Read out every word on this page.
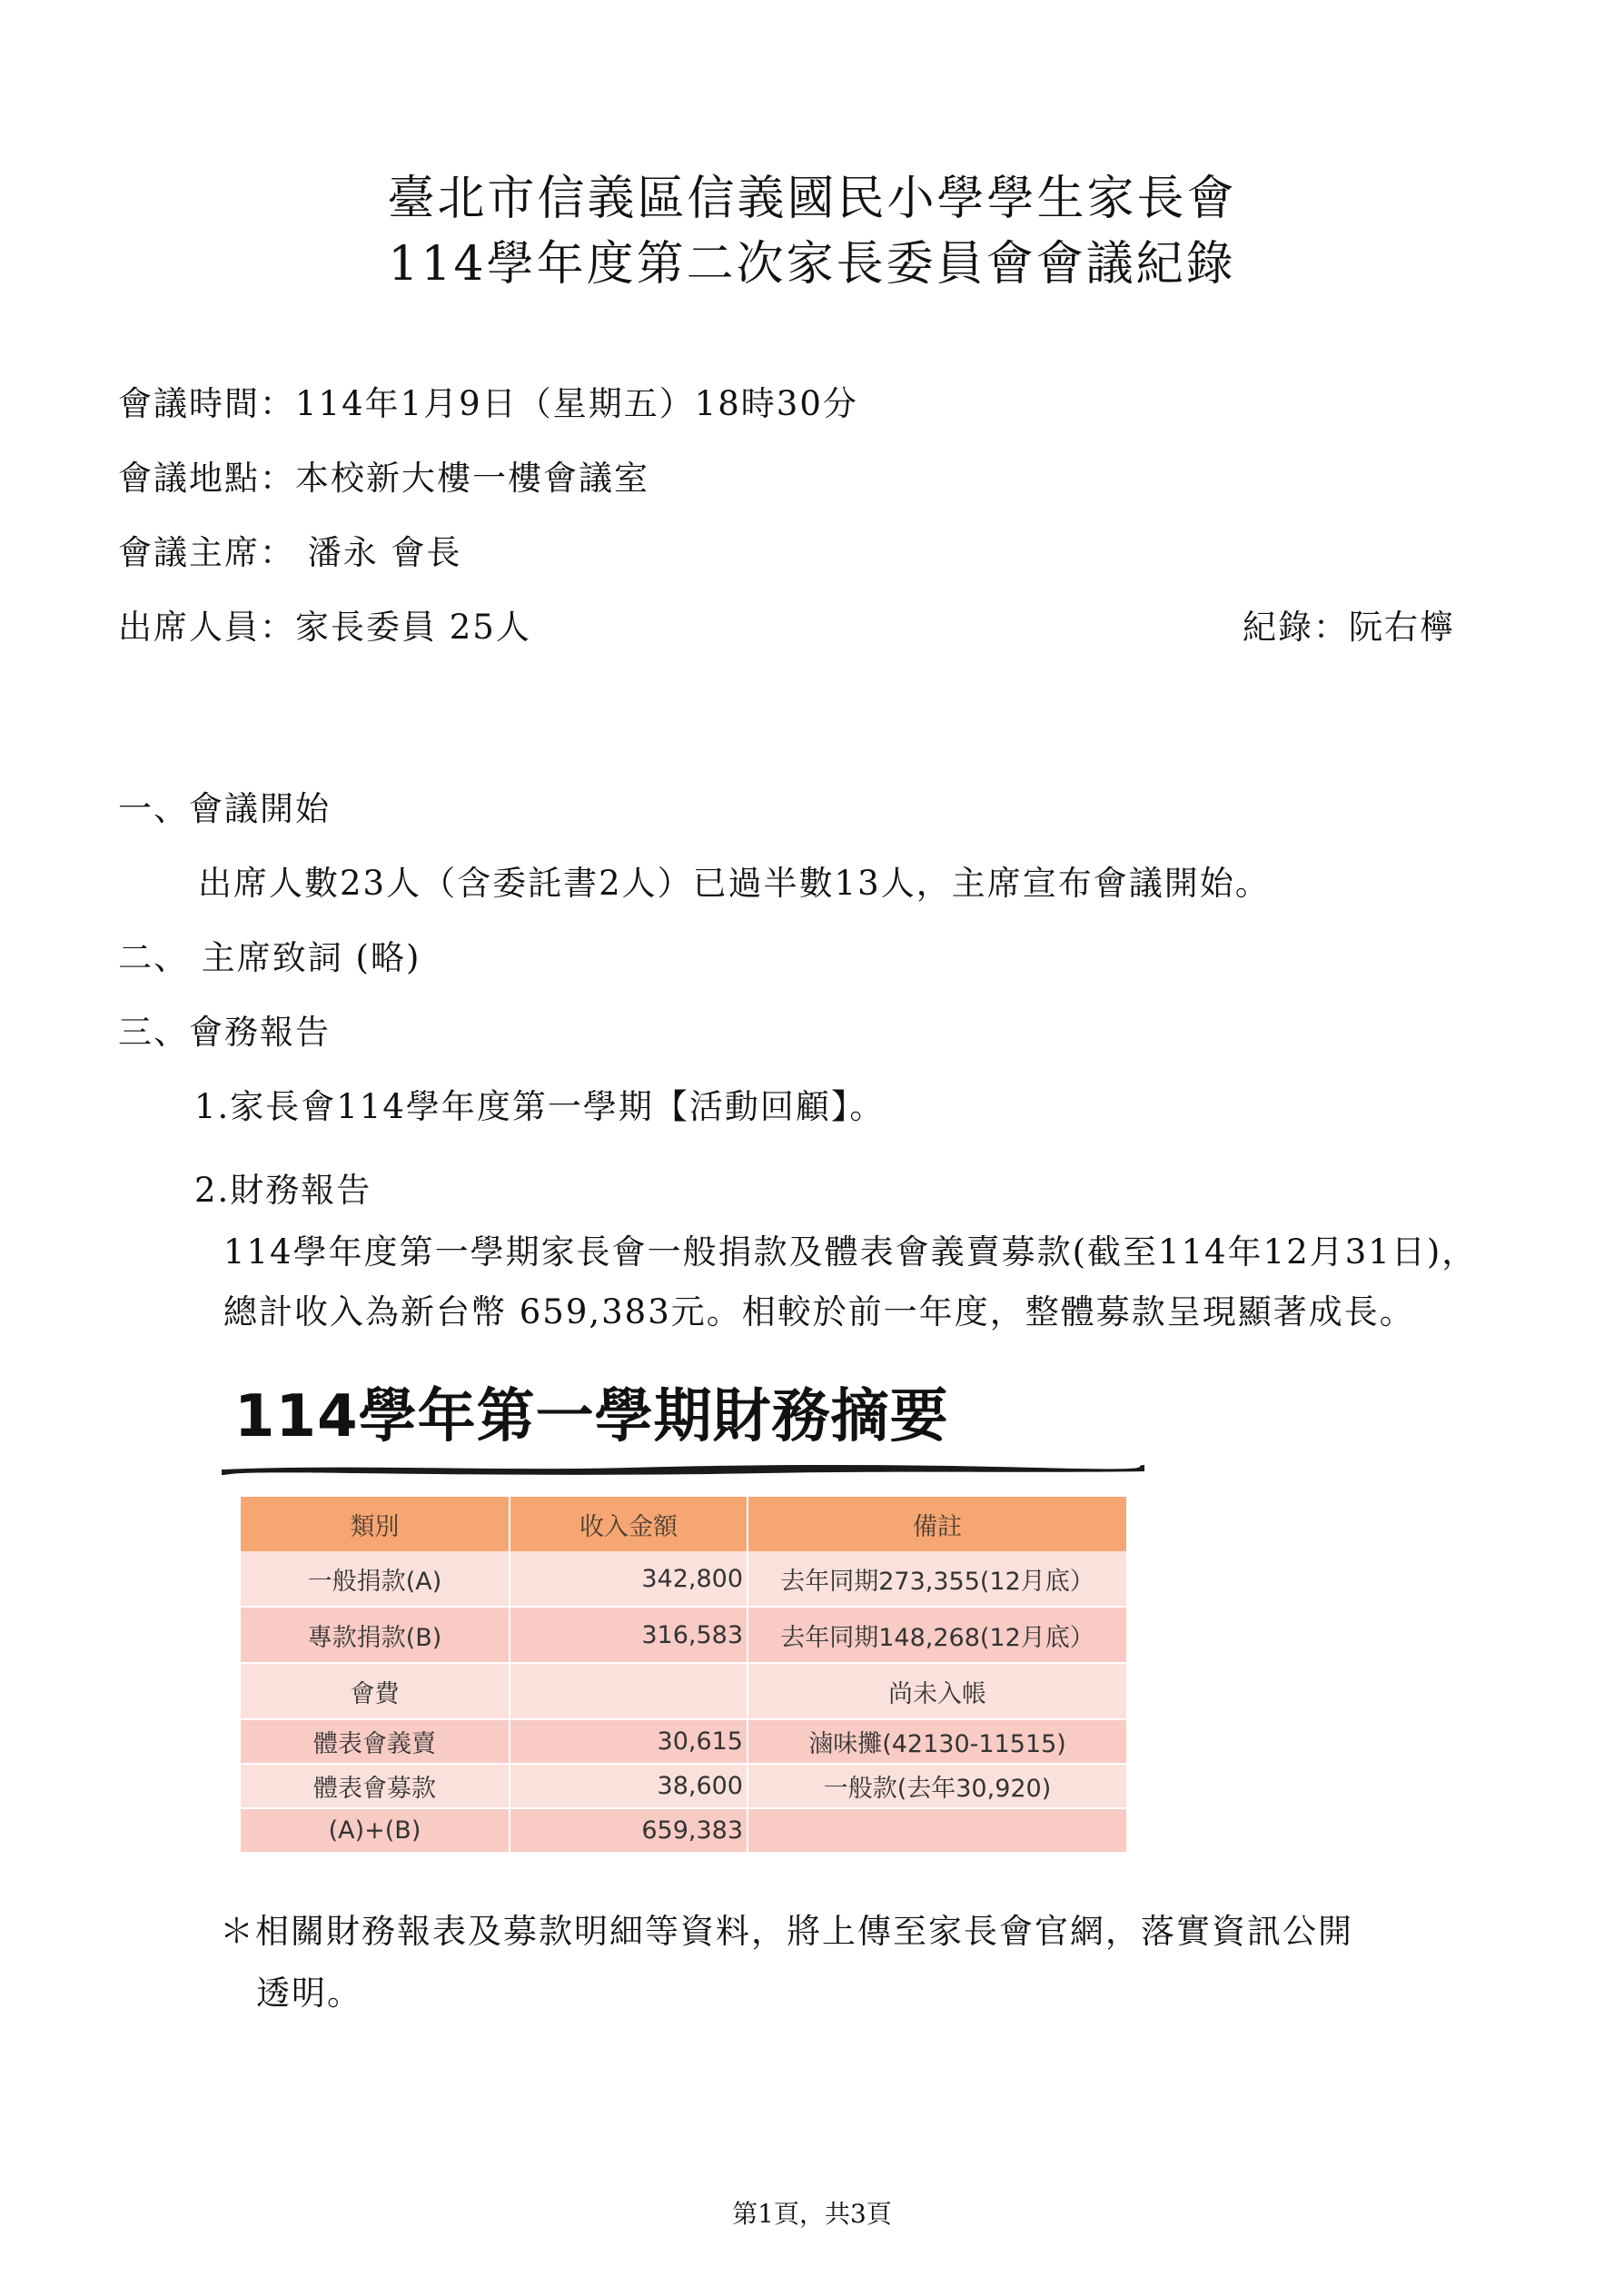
臺北市信義區信義國民小學學生家長會
114學年度第二次家長委員會會議紀錄
會議時間：114年1月9日（星期五）18時30分
會議地點：本校新大樓一樓會議室
會議主席： 潘永 會長
出席人員：家長委員 25人	紀錄：阮右檸
一、會議開始
出席人數23人（含委託書2人）已過半數13人，主席宣布會議開始。
二、 主席致詞 (略)
三、會務報告
1.家長會114學年度第一學期【活動回顧】。
2.財務報告
114學年度第一學期家長會一般捐款及體表會義賣募款(截至114年12月31日)，
總計收入為新台幣 659,383元。相較於前一年度，整體募款呈現顯著成長。
114學年第一學期財務摘要
類別	收入金額	備註
一般捐款(A)	342,800	去年同期273,355(12月底）
專款捐款(B)	316,583	去年同期148,268(12月底）
會費		尚未入帳
體表會義賣	30,615	滷味攤(42130-11515)
體表會募款	38,600	一般款(去年30,920)
(A)+(B)	659,383	
＊相關財務報表及募款明細等資料，將上傳至家長會官網，落實資訊公開
透明。
第1頁，共3頁
